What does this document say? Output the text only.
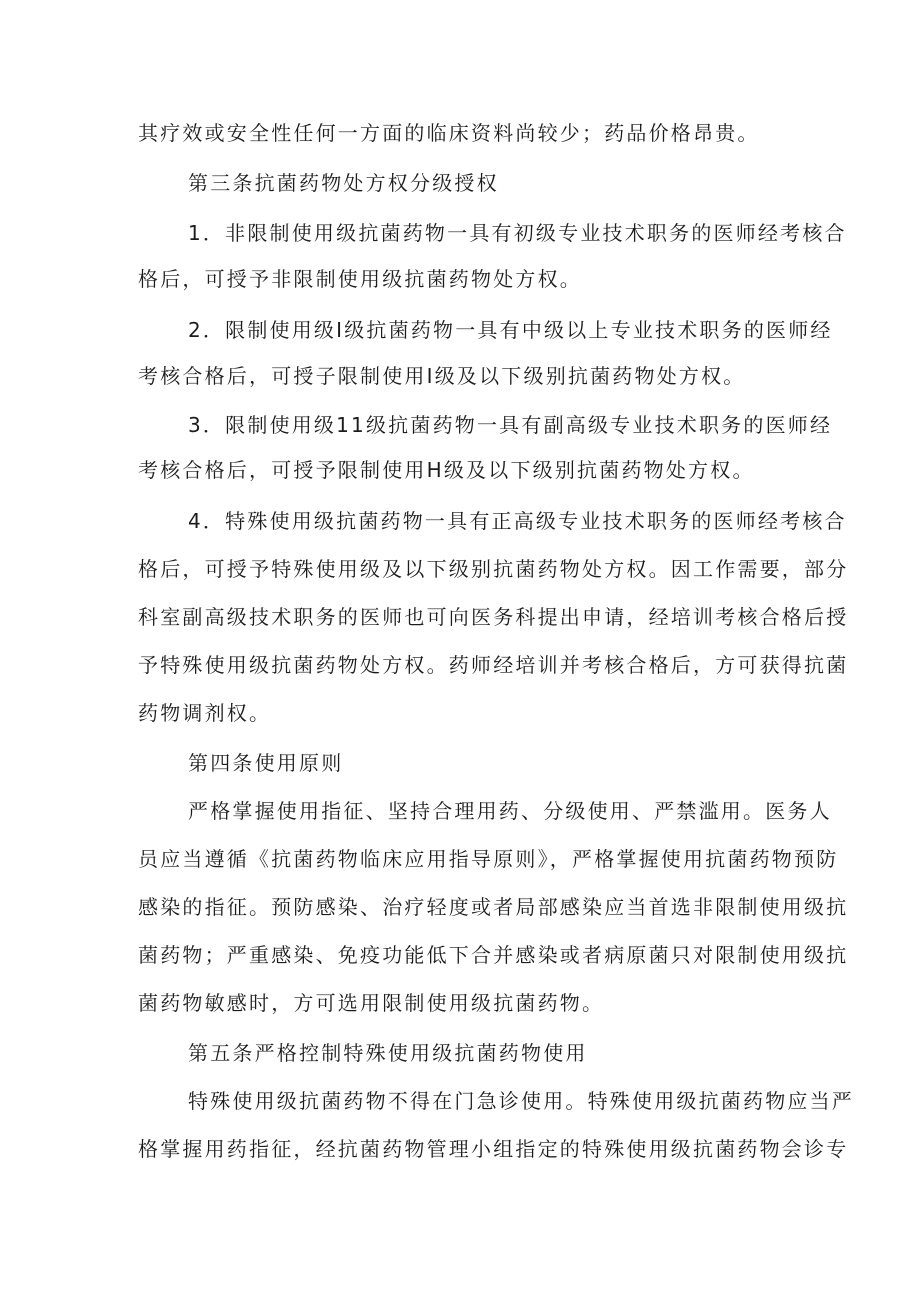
其疗效或安全性任何一方面的临床资料尚较少；药品价格昂贵。
第三条抗菌药物处方权分级授权
1．非限制使用级抗菌药物一具有初级专业技术职务的医师经考核合
格后，可授予非限制使用级抗菌药物处方权。
2．限制使用级Ⅰ级抗菌药物一具有中级以上专业技术职务的医师经
考核合格后，可授子限制使用Ⅰ级及以下级别抗菌药物处方权。
3．限制使用级11级抗菌药物一具有副高级专业技术职务的医师经
考核合格后，可授予限制使用H级及以下级别抗菌药物处方权。
4．特殊使用级抗菌药物一具有正高级专业技术职务的医师经考核合
格后，可授予特殊使用级及以下级别抗菌药物处方权。因工作需要，部分
科室副高级技术职务的医师也可向医务科提出申请，经培训考核合格后授
予特殊使用级抗菌药物处方权。药师经培训并考核合格后，方可获得抗菌
药物调剂权。
第四条使用原则
严格掌握使用指征、坚持合理用药、分级使用、严禁滥用。医务人
员应当遵循《抗菌药物临床应用指导原则》，严格掌握使用抗菌药物预防
感染的指征。预防感染、治疗轻度或者局部感染应当首选非限制使用级抗
菌药物；严重感染、免疫功能低下合并感染或者病原菌只对限制使用级抗
菌药物敏感时，方可选用限制使用级抗菌药物。
第五条严格控制特殊使用级抗菌药物使用
特殊使用级抗菌药物不得在门急诊使用。特殊使用级抗菌药物应当严
格掌握用药指征，经抗菌药物管理小组指定的特殊使用级抗菌药物会诊专
